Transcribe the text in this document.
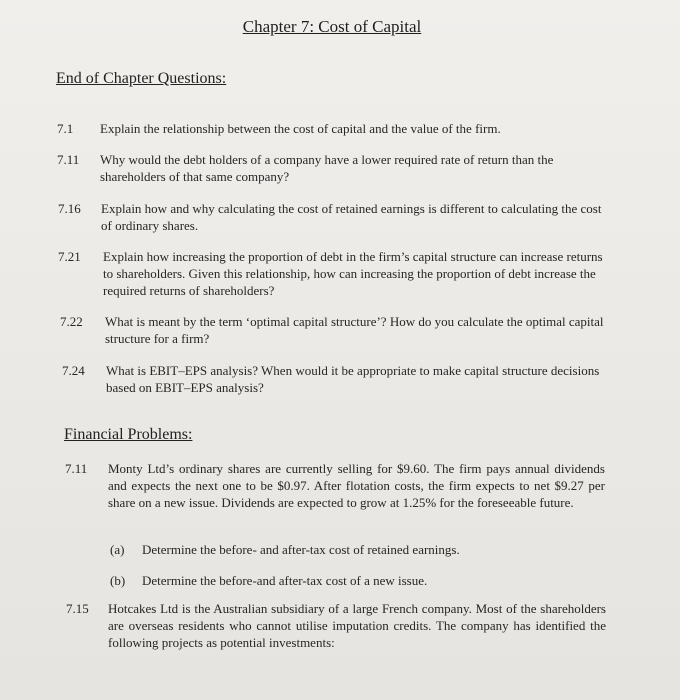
Chapter 7: Cost of Capital
End of Chapter Questions:
7.1 Explain the relationship between the cost of capital and the value of the firm.
7.11 Why would the debt holders of a company have a lower required rate of return than the shareholders of that same company?
7.16 Explain how and why calculating the cost of retained earnings is different to calculating the cost of ordinary shares.
7.21 Explain how increasing the proportion of debt in the firm’s capital structure can increase returns to shareholders. Given this relationship, how can increasing the proportion of debt increase the required returns of shareholders?
7.22 What is meant by the term ‘optimal capital structure’? How do you calculate the optimal capital structure for a firm?
7.24 What is EBIT–EPS analysis? When would it be appropriate to make capital structure decisions based on EBIT–EPS analysis?
Financial Problems:
7.11 Monty Ltd’s ordinary shares are currently selling for $9.60. The firm pays annual dividends and expects the next one to be $0.97. After flotation costs, the firm expects to net $9.27 per share on a new issue. Dividends are expected to grow at 1.25% for the foreseeable future.
(a) Determine the before- and after-tax cost of retained earnings.
(b) Determine the before-and after-tax cost of a new issue.
7.15 Hotcakes Ltd is the Australian subsidiary of a large French company. Most of the shareholders are overseas residents who cannot utilise imputation credits. The company has identified the following projects as potential investments:
